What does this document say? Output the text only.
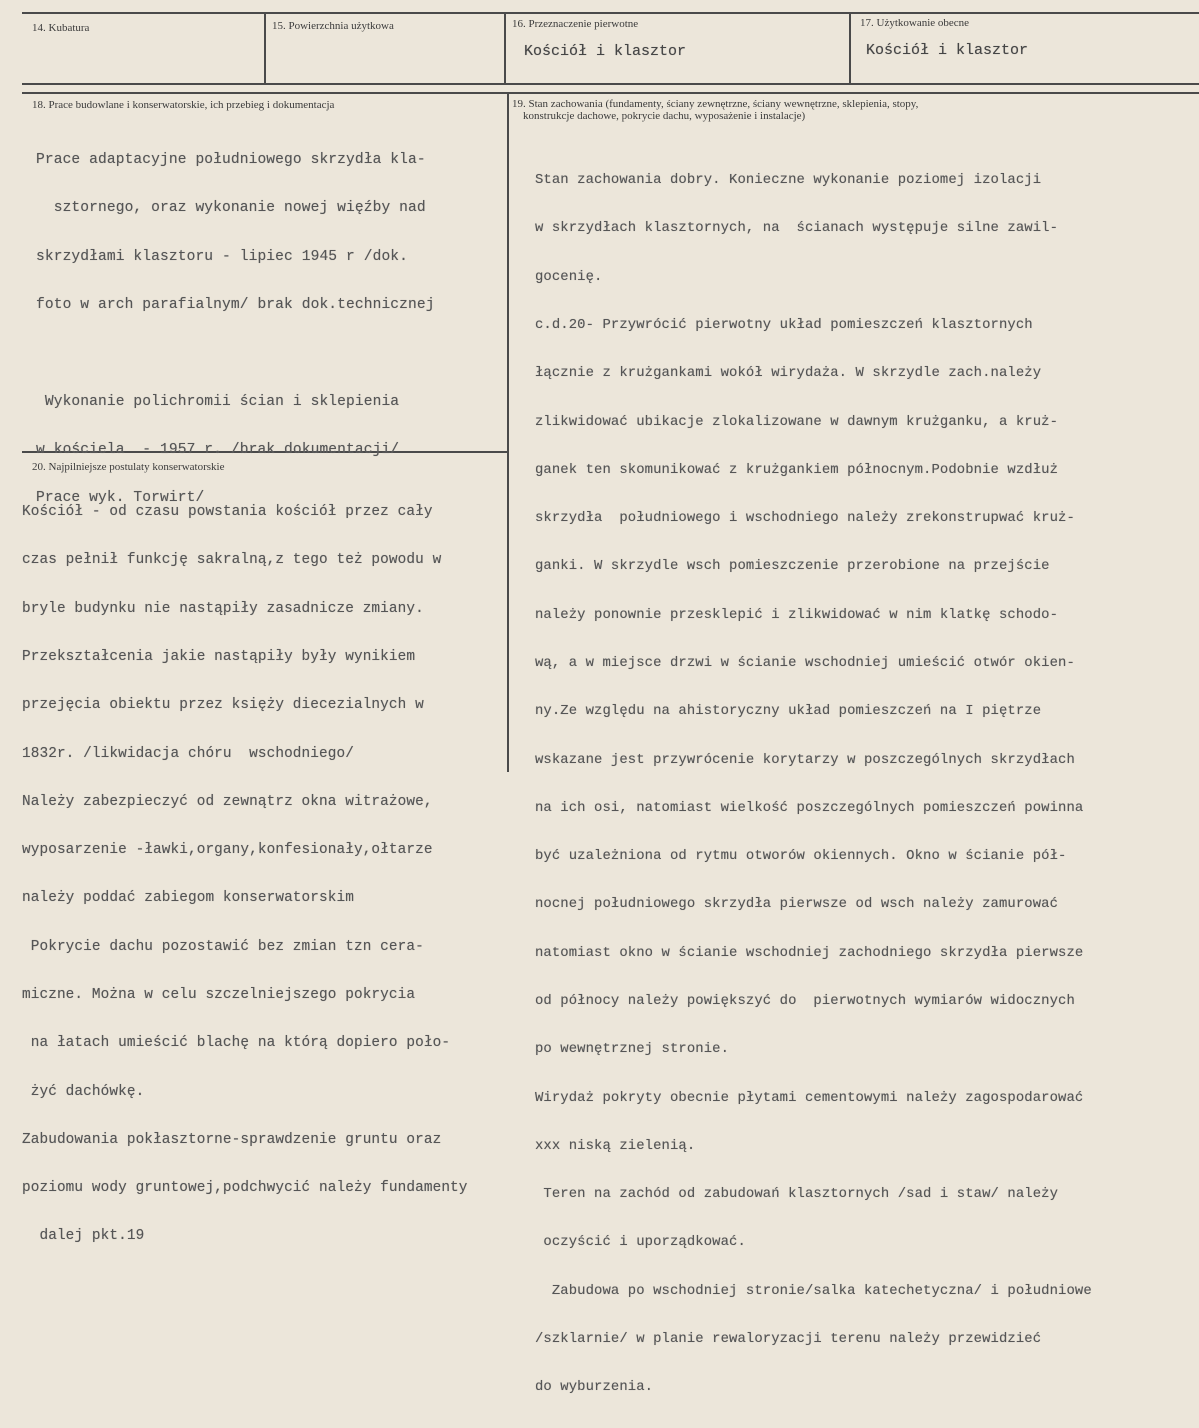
14. Kubatura	15. Powierzchnia użytkowa	16. Przeznaczenie pierwotne
Kościół i klasztor
17. Użytkowanie obecne
Kościół i klasztor
18. Prace budowlane i konserwatorskie, ich przebieg i dokumentacja

Prace adaptacyjne południowego skrzydła kla-

sztornego, oraz wykonanie nowej więźby nad

skrzydłami klasztoru - lipiec 1945 r /dok.

foto w arch parafialnym/ brak dok.technicznej

Wykonanie polichromii ścian i sklepienia

w kościela  - 1957 r. /brak dokumentacji/

Prace wyk. Torwirt/

19. Stan zachowania (fundamenty, ściany zewnętrzne, ściany wewnętrzne, sklepienia, stopy,
konstrukcje dachowe, pokrycie dachu, wyposażenie i instalacje)

Stan zachowania dobry. Konieczne wykonanie poziomej izolacji

w skrzydłach klasztornych, na  ścianach występuje silne zawil-

gocenię.

c.d.20- Przywrócić pierwotny układ pomieszczeń klasztornych

łącznie z krużgankami wokół wirydaża. W skrzydle zach.należy

zlikwidować ubikacje zlokalizowane w dawnym krużganku, a kruż-

ganek ten skomunikować z krużgankiem północnym.Podobnie wzdłuż

skrzydła  południowego i wschodniego należy zrekonstrupwać kruż-

ganki. W skrzydle wsch pomieszczenie przerobione na przejście

należy ponownie przesklepić i zlikwidować w nim klatkę schodo-

wą, a w miejsce drzwi w ścianie wschodniej umieścić otwór okien-

ny.Ze względu na ahistoryczny układ pomieszczeń na I piętrze

wskazane jest przywrócenie korytarzy w poszczególnych skrzydłach

na ich osi, natomiast wielkość poszczególnych pomieszczeń powinna

być uzależniona od rytmu otworów okiennych. Okno w ścianie pół-

nocnej południowego skrzydła pierwsze od wsch należy zamurować

natomiast okno w ścianie wschodniej zachodniego skrzydła pierwsze

od północy należy powiększyć do  pierwotnych wymiarów widocznych

po wewnętrznej stronie.

Wirydaż pokryty obecnie płytami cementowymi należy zagospodarować

xxx niską zielenią.

Teren na zachód od zabudowań klasztornych /sad i staw/ należy

oczyścić i uporządkować.

Zabudowa po wschodniej stronie/salka katechetyczna/ i południowe

/szklarnie/ w planie rewaloryzacji terenu należy przewidzieć

do wyburzenia.

20. Najpilniejsze postulaty konserwatorskie

Kościół - od czasu powstania kościół przez cały

czas pełnił funkcję sakralną,z tego też powodu w

bryle budynku nie nastąpiły zasadnicze zmiany.

Przekształcenia jakie nastąpiły były wynikiem

przejęcia obiektu przez księży diecezialnych w

1832r. /likwidacja chóru  wschodniego/

Należy zabezpieczyć od zewnątrz okna witrażowe,

wyposarzenie -ławki,organy,konfesionały,ołtarze

należy poddać zabiegom konserwatorskim

Pokrycie dachu pozostawić bez zmian tzn cera-

miczne. Można w celu szczelniejszego pokrycia

na łatach umieścić blachę na którą dopiero poło-

żyć dachówkę.

Zabudowania pokłasztorne-sprawdzenie gruntu oraz

poziomu wody gruntowej,podchwycić należy fundamenty

dalej pkt.19
